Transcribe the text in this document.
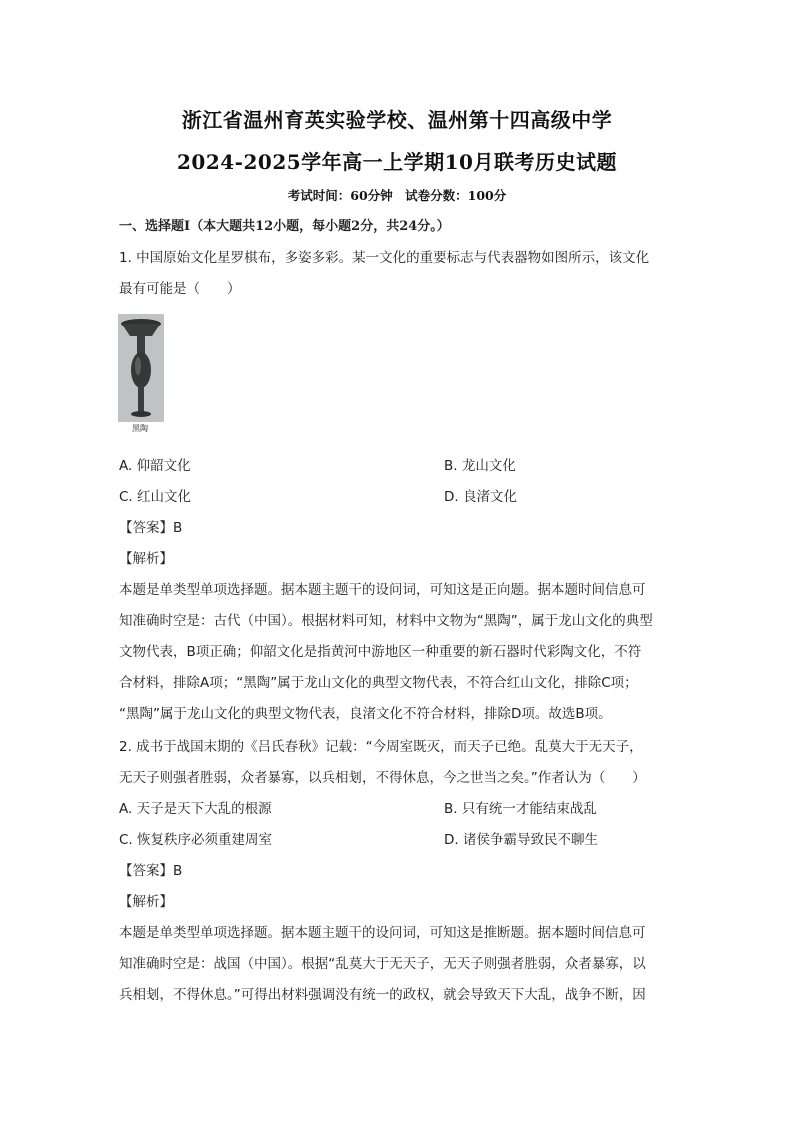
浙江省温州育英实验学校、温州第十四高级中学
2024-2025学年高一上学期10月联考历史试题
考试时间：60分钟　试卷分数：100分
一、选择题Ⅰ（本大题共12小题，每小题2分，共24分。）
1. 中国原始文化星罗棋布，多姿多彩。某一文化的重要标志与代表器物如图所示，该文化
最有可能是（　　）
黑陶
A. 仰韶文化	B. 龙山文化
C. 红山文化	D. 良渚文化
【答案】B
【解析】
本题是单类型单项选择题。据本题主题干的设问词，可知这是正向题。据本题时间信息可
知准确时空是：古代（中国）。根据材料可知，材料中文物为“黑陶”，属于龙山文化的典型
文物代表，B项正确；仰韶文化是指黄河中游地区一种重要的新石器时代彩陶文化，不符
合材料，排除A项；“黑陶”属于龙山文化的典型文物代表，不符合红山文化，排除C项；
“黑陶”属于龙山文化的典型文物代表，良渚文化不符合材料，排除D项。故选B项。
2. 成书于战国末期的《吕氏春秋》记载：“今周室既灭，而天子已绝。乱莫大于无天子，
无天子则强者胜弱，众者暴寡，以兵相刬，不得休息，今之世当之矣。”作者认为（　　）
A. 天子是天下大乱的根源	B. 只有统一才能结束战乱
C. 恢复秩序必须重建周室	D. 诸侯争霸导致民不聊生
【答案】B
【解析】
本题是单类型单项选择题。据本题主题干的设问词，可知这是推断题。据本题时间信息可
知准确时空是：战国（中国）。根据“乱莫大于无天子，无天子则强者胜弱，众者暴寡，以
兵相刬，不得休息。”可得出材料强调没有统一的政权，就会导致天下大乱，战争不断，因
